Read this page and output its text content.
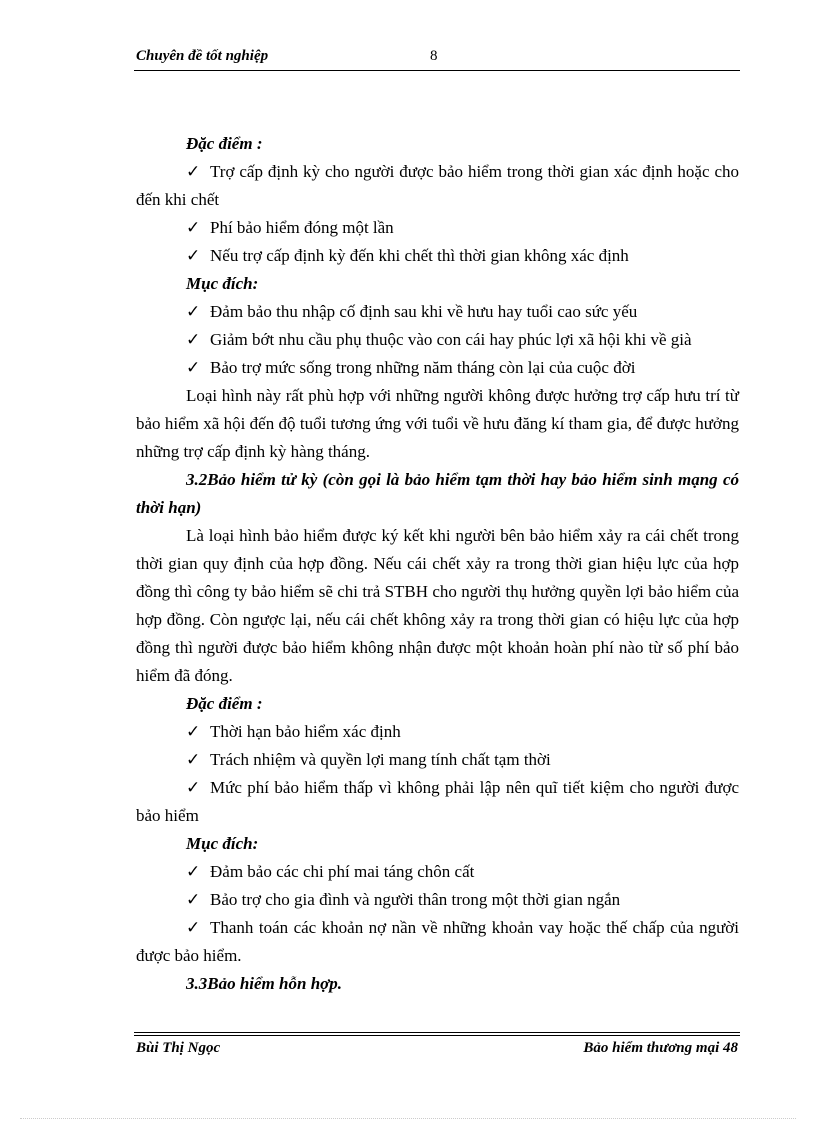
Chuyên đề tốt nghiệp	8

Đặc điểm :

✓ Trợ cấp định kỳ cho người được bảo hiểm trong thời gian xác định hoặc cho đến khi chết

✓ Phí bảo hiểm đóng một lần

✓ Nếu trợ cấp định kỳ đến khi chết thì thời gian không xác định

Mục đích:

✓ Đảm bảo thu nhập cố định sau khi về hưu hay tuổi cao sức yếu

✓ Giảm bớt nhu cầu phụ thuộc vào con cái hay phúc lợi xã hội khi về già

✓ Bảo trợ mức sống trong những năm tháng còn lại của cuộc đời

Loại hình này rất phù hợp với những người không được hưởng trợ cấp hưu trí từ bảo hiểm xã hội đến độ tuổi tương ứng với tuổi về hưu đăng kí tham gia, để được hưởng những trợ cấp định kỳ hàng tháng.

3.2Bảo hiểm tử kỳ (còn gọi là bảo hiểm tạm thời hay bảo hiểm sinh mạng có thời hạn)

Là loại hình bảo hiểm được ký kết khi người bên bảo hiểm xảy ra cái chết trong thời gian quy định của hợp đồng. Nếu cái chết xảy ra trong thời gian hiệu lực của hợp đồng thì công ty bảo hiểm sẽ chi trả STBH cho người thụ hưởng quyền lợi bảo hiểm của hợp đồng. Còn ngược lại, nếu cái chết không xảy ra trong thời gian có hiệu lực của hợp đồng thì người được bảo hiểm không nhận được một khoản hoàn phí nào từ số phí bảo hiểm đã đóng.

Đặc điểm :

✓ Thời hạn bảo hiểm xác định

✓ Trách nhiệm và quyền lợi mang tính chất tạm thời

✓ Mức phí bảo hiểm thấp vì không phải lập nên quĩ tiết kiệm cho người được bảo hiểm

Mục đích:

✓ Đảm bảo các chi phí mai táng chôn cất

✓ Bảo trợ cho gia đình và người thân trong một thời gian ngắn

✓ Thanh toán các khoản nợ nần về những khoản vay hoặc thế chấp của người được bảo hiểm.

3.3Bảo hiểm hỗn hợp.

Bùi Thị Ngọc	Bảo hiểm thương mại 48
